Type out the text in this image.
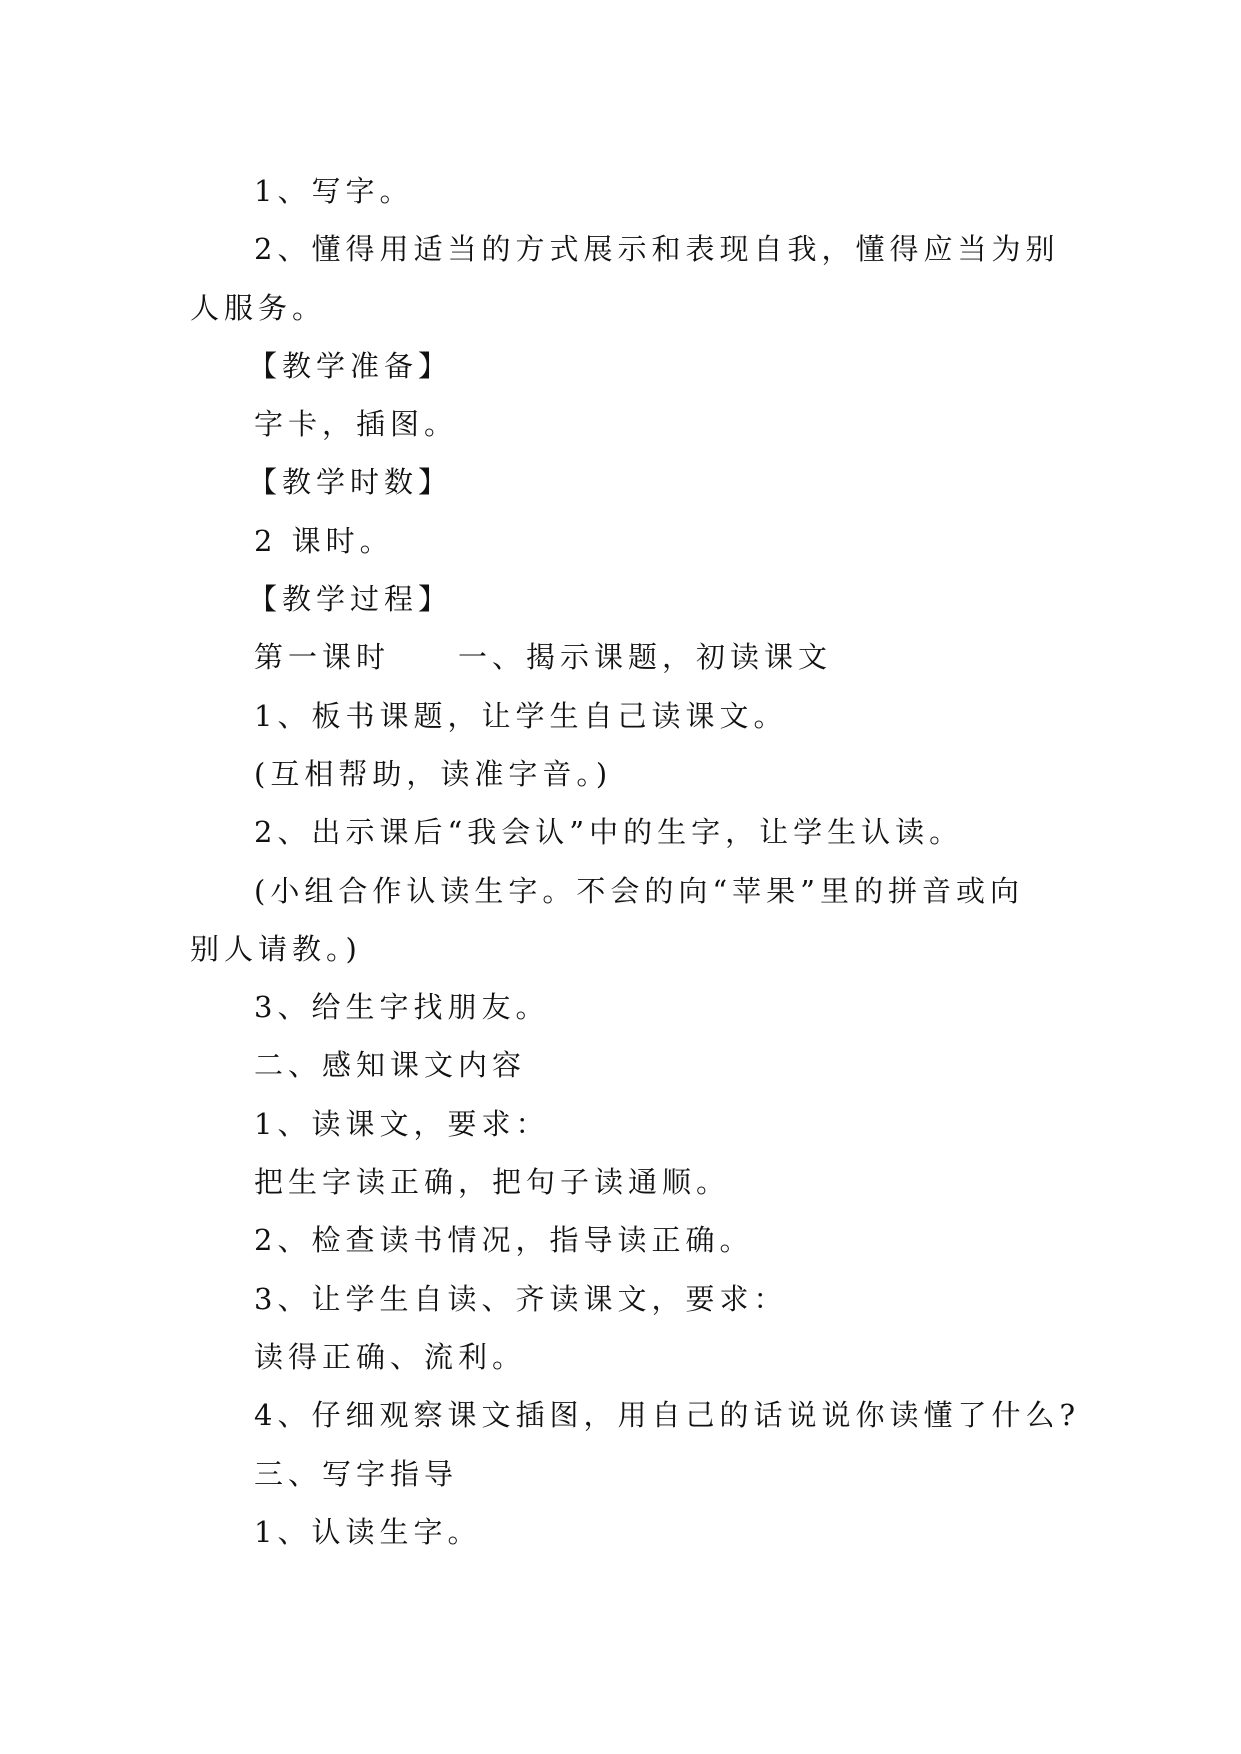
1、写字。
2、懂得用适当的方式展示和表现自我，懂得应当为别
人服务。
【教学准备】
字卡，插图。
【教学时数】
2 课时。
【教学过程】
第一课时　　一、揭示课题，初读课文
1、板书课题，让学生自己读课文。
(互相帮助，读准字音。)
2、出示课后“我会认”中的生字，让学生认读。
(小组合作认读生字。不会的向“苹果”里的拼音或向
别人请教。)
3、给生字找朋友。
二、感知课文内容
1、读课文，要求：
把生字读正确，把句子读通顺。
2、检查读书情况，指导读正确。
3、让学生自读、齐读课文，要求：
读得正确、流利。
4、仔细观察课文插图，用自己的话说说你读懂了什么?
三、写字指导
1、认读生字。
